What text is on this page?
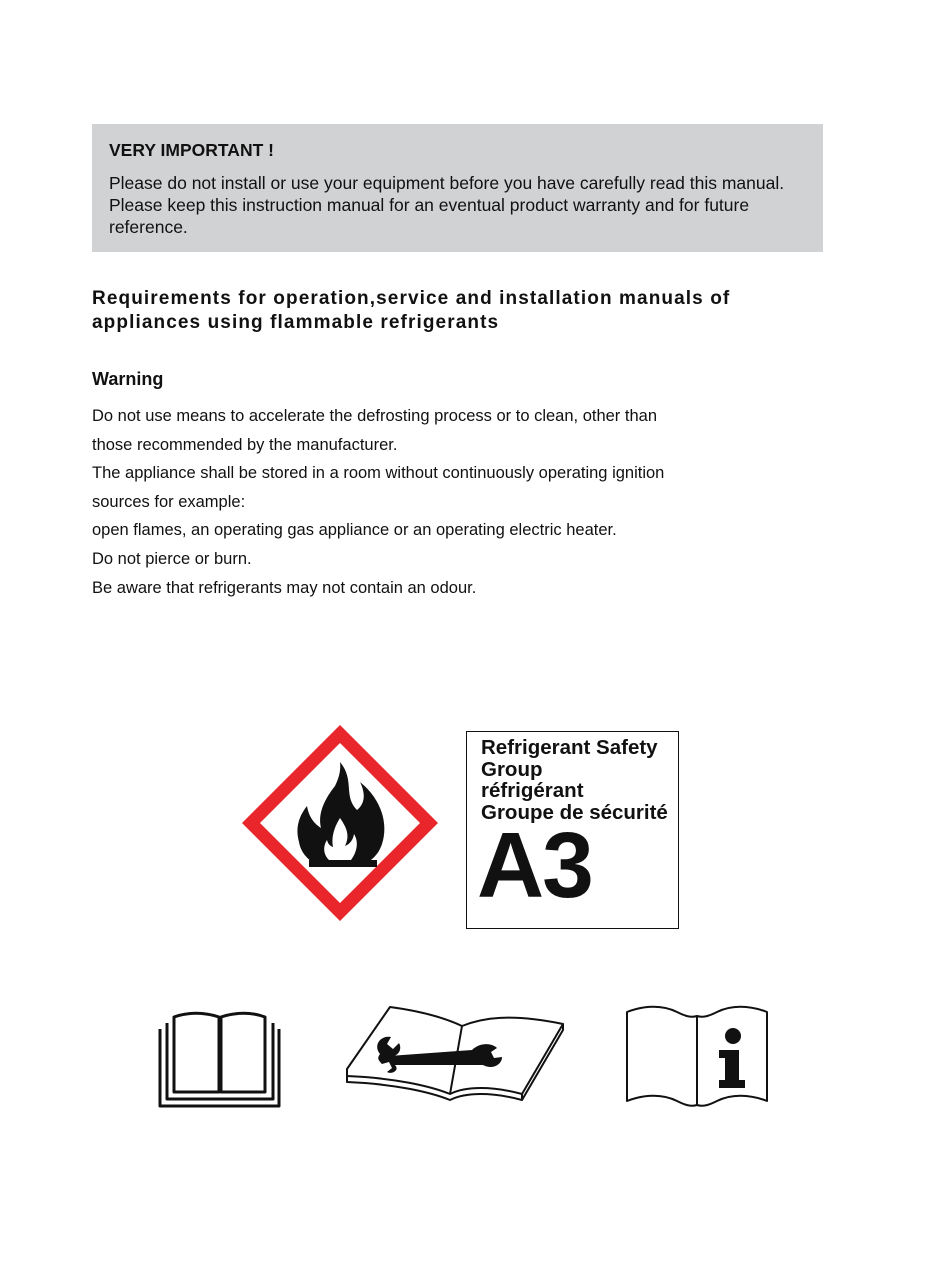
VERY IMPORTANT !

Please do not install or use your equipment before you have carefully read this manual. Please keep this instruction manual for an eventual product warranty and for future reference.

Requirements for operation,service and installation manuals of appliances using flammable refrigerants
Warning
Do not use means to accelerate the defrosting process or to clean, other than
those recommended by the manufacturer.
The appliance shall be stored in a room without continuously operating ignition
sources for example:
open flames, an operating gas appliance or an operating electric heater.
Do not pierce or burn.
Be aware that refrigerants may not contain an odour.
Refrigerant Safety
Group
réfrigérant
Groupe de sécurité
A3
